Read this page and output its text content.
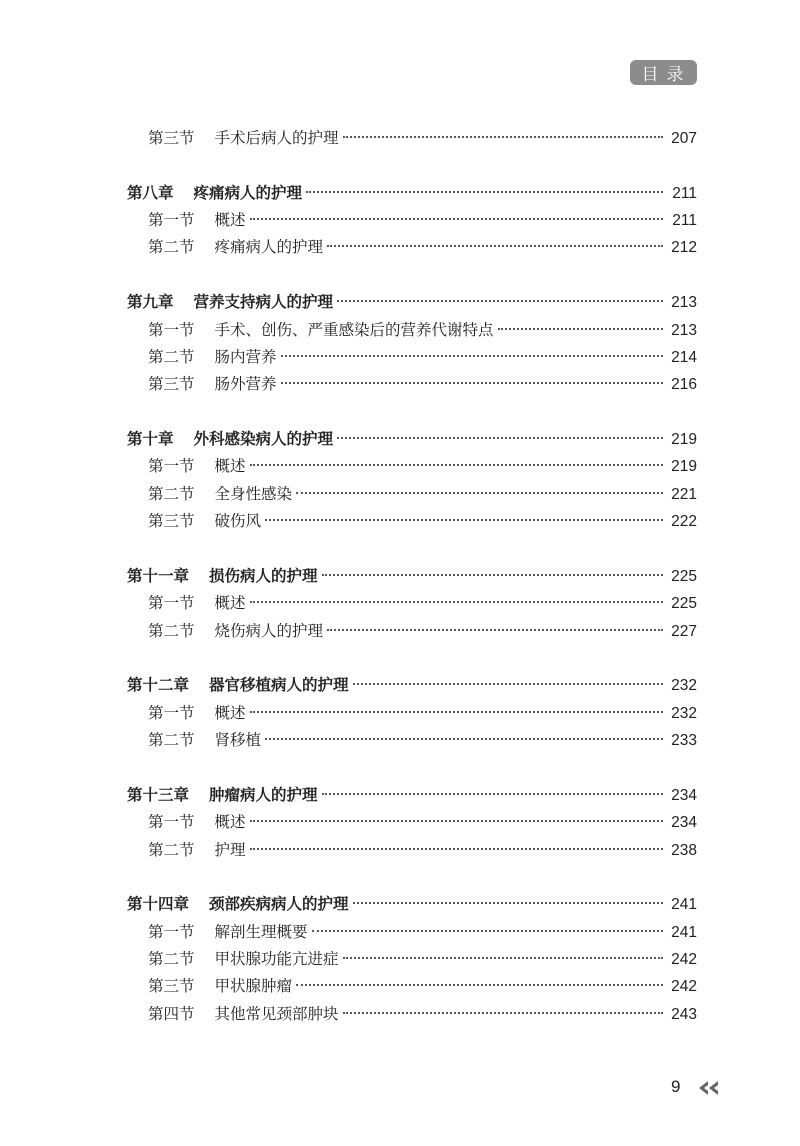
目录
第三节 手术后病人的护理	207
第八章 疼痛病人的护理	211
第一节 概述	211
第二节 疼痛病人的护理	212
第九章 营养支持病人的护理	213
第一节 手术、创伤、严重感染后的营养代谢特点	213
第二节 肠内营养	214
第三节 肠外营养	216
第十章 外科感染病人的护理	219
第一节 概述	219
第二节 全身性感染	221
第三节 破伤风	222
第十一章 损伤病人的护理	225
第一节 概述	225
第二节 烧伤病人的护理	227
第十二章 器官移植病人的护理	232
第一节 概述	232
第二节 肾移植	233
第十三章 肿瘤病人的护理	234
第一节 概述	234
第二节 护理	238
第十四章 颈部疾病病人的护理	241
第一节 解剖生理概要	241
第二节 甲状腺功能亢进症	242
第三节 甲状腺肿瘤	242
第四节 其他常见颈部肿块	243
9
